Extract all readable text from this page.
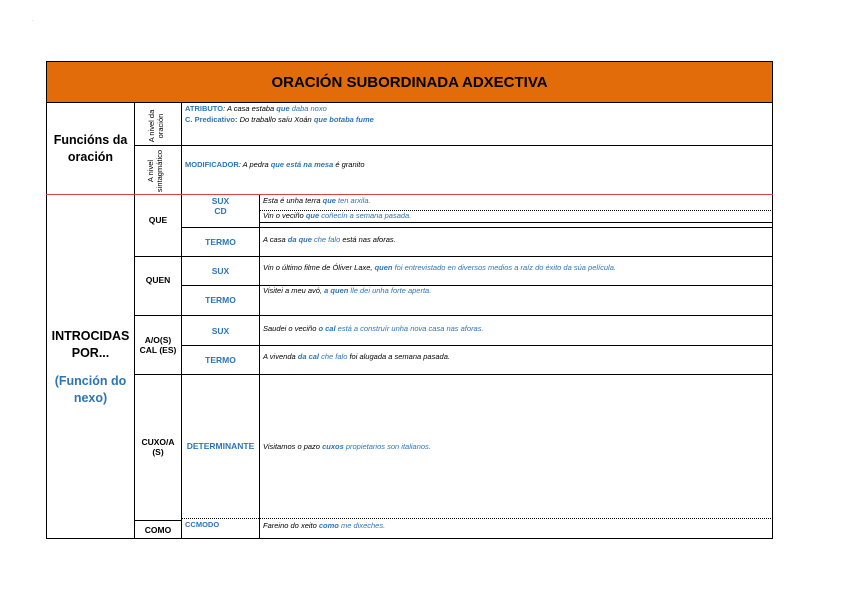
·
ORACIÓN SUBORDINADA ADXECTIVA
Funcións da oración
A nivel da oración
A nivel sintagmático
ATRIBUTO: A casa estaba que daba noxo
C. Predicativo: Do traballo saíu Xoán que botaba fume
MODIFICADOR: A pedra que está na mesa é granito
INTROCIDAS POR...
(Función do nexo)
QUE
SUX
CD
TERMO
Esta é unha terra que ten arxila.
Vin o veciño que coñecín a semana pasada.
A casa da que che falo está nas aforas.
QUEN
SUX
TERMO
Vin o último filme de Óliver Laxe, quen foi entrevistado en diversos medios a raíz do éxito da súa película.
Visitei a meu avó, a quen lle dei unha forte aperta.
A/O(S) CAL (ES)
SUX
TERMO
Saudei o veciño o cal está a construír unha nova casa nas aforas.
A vivenda da cal che falo foi alugada a semana pasada.
CUXO/A (S)
DETERMINANTE Visitamos o pazo cuxos propietarios son italianos.
COMO CCMODO	Fareino do xeito como me dixeches.
